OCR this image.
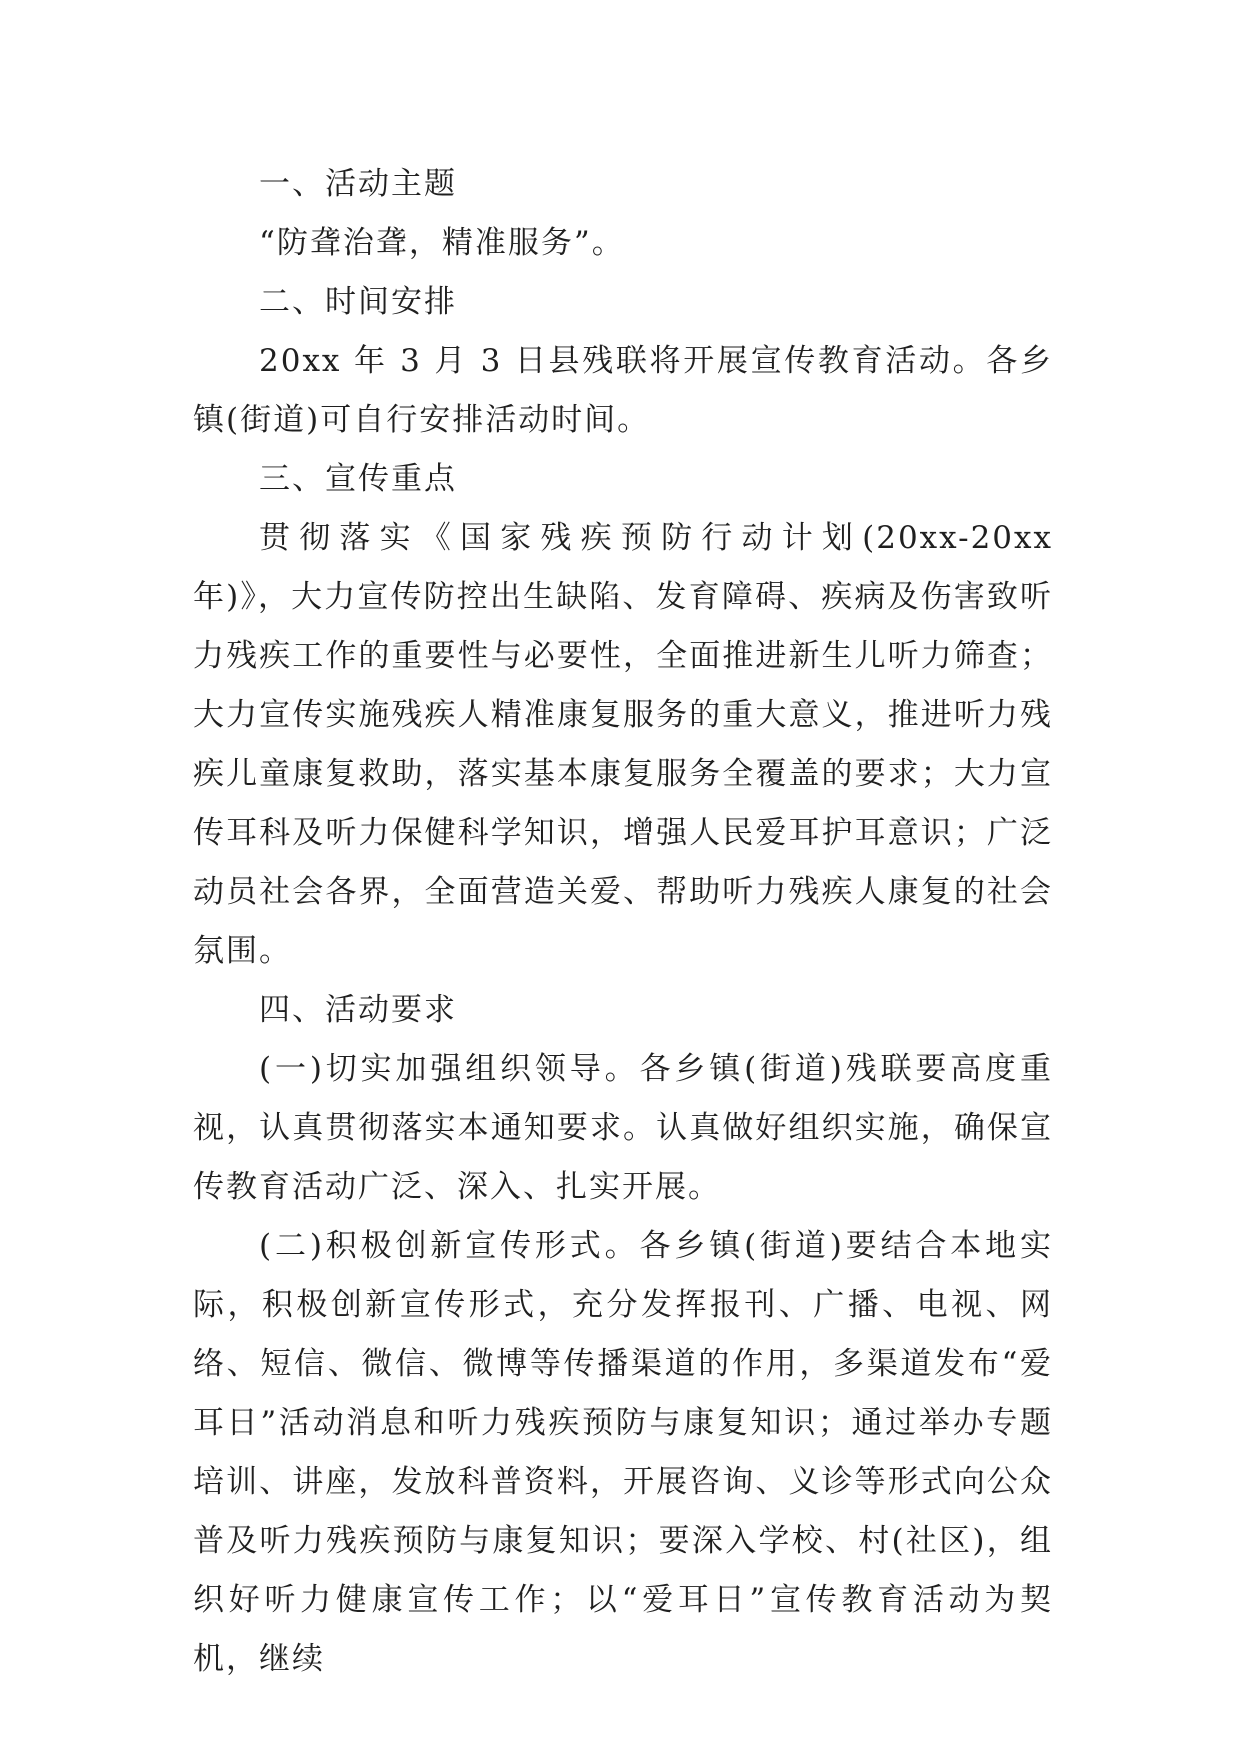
一、活动主题

“防聋治聋，精准服务”。

二、时间安排

20xx 年 3 月 3 日县残联将开展宣传教育活动。各乡镇(街道)可自行安排活动时间。

三、宣传重点

贯彻落实《国家残疾预防行动计划(20xx-20xx 年)》，大力宣传防控出生缺陷、发育障碍、疾病及伤害致听力残疾工作的重要性与必要性，全面推进新生儿听力筛查；大力宣传实施残疾人精准康复服务的重大意义，推进听力残疾儿童康复救助，落实基本康复服务全覆盖的要求；大力宣传耳科及听力保健科学知识，增强人民爱耳护耳意识；广泛动员社会各界，全面营造关爱、帮助听力残疾人康复的社会氛围。

四、活动要求

(一)切实加强组织领导。各乡镇(街道)残联要高度重视，认真贯彻落实本通知要求。认真做好组织实施，确保宣传教育活动广泛、深入、扎实开展。

(二)积极创新宣传形式。各乡镇(街道)要结合本地实际，积极创新宣传形式，充分发挥报刊、广播、电视、网络、短信、微信、微博等传播渠道的作用，多渠道发布“爱耳日”活动消息和听力残疾预防与康复知识；通过举办专题培训、讲座，发放科普资料，开展咨询、义诊等形式向公众普及听力残疾预防与康复知识；要深入学校、村(社区)，组织好听力健康宣传工作；以“爱耳日”宣传教育活动为契机，继续
